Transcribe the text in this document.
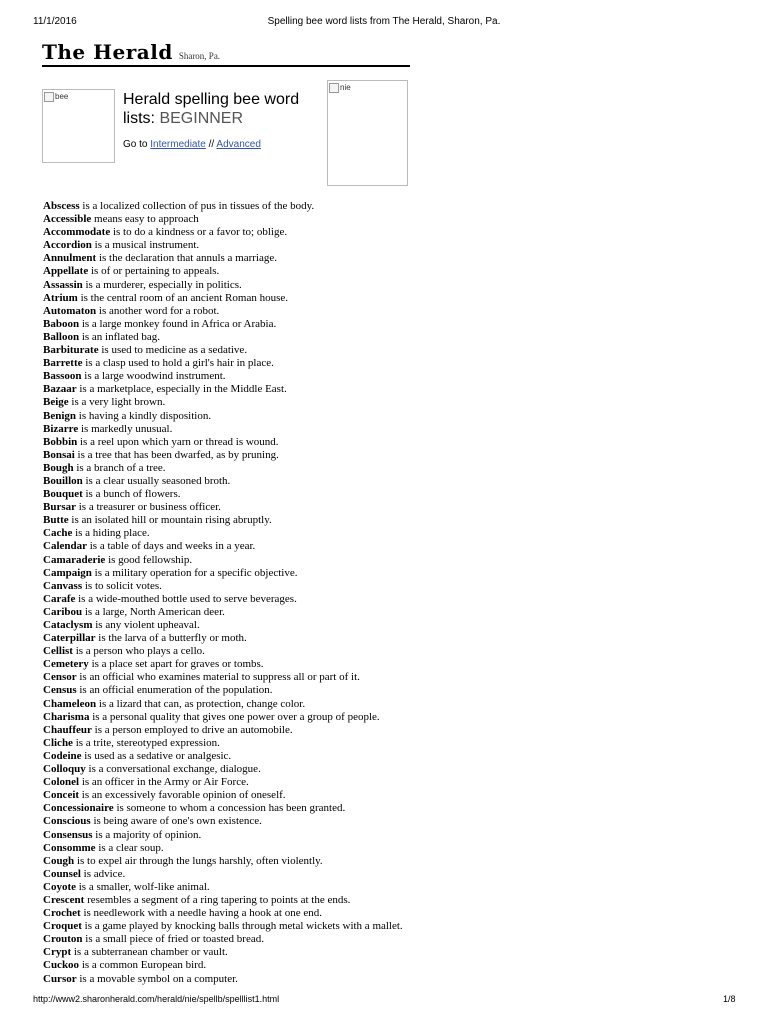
11/1/2016	Spelling bee word lists from The Herald, Sharon, Pa.
The Herald Sharon, Pa.
bee	Herald spelling bee word lists: BEGINNER
Go to Intermediate // Advanced
nie
Abscess is a localized collection of pus in tissues of the body.
Accessible means easy to approach
Accommodate is to do a kindness or a favor to; oblige.
Accordion is a musical instrument.
Annulment is the declaration that annuls a marriage.
Appellate is of or pertaining to appeals.
Assassin is a murderer, especially in politics.
Atrium is the central room of an ancient Roman house.
Automaton is another word for a robot.
Baboon is a large monkey found in Africa or Arabia.
Balloon is an inflated bag.
Barbiturate is used to medicine as a sedative.
Barrette is a clasp used to hold a girl's hair in place.
Bassoon is a large woodwind instrument.
Bazaar is a marketplace, especially in the Middle East.
Beige is a very light brown.
Benign is having a kindly disposition.
Bizarre is markedly unusual.
Bobbin is a reel upon which yarn or thread is wound.
Bonsai is a tree that has been dwarfed, as by pruning.
Bough is a branch of a tree.
Bouillon is a clear usually seasoned broth.
Bouquet is a bunch of flowers.
Bursar is a treasurer or business officer.
Butte is an isolated hill or mountain rising abruptly.
Cache is a hiding place.
Calendar is a table of days and weeks in a year.
Camaraderie is good fellowship.
Campaign is a military operation for a specific objective.
Canvass is to solicit votes.
Carafe is a wide-mouthed bottle used to serve beverages.
Caribou is a large, North American deer.
Cataclysm is any violent upheaval.
Caterpillar is the larva of a butterfly or moth.
Cellist is a person who plays a cello.
Cemetery is a place set apart for graves or tombs.
Censor is an official who examines material to suppress all or part of it.
Census is an official enumeration of the population.
Chameleon is a lizard that can, as protection, change color.
Charisma is a personal quality that gives one power over a group of people.
Chauffeur is a person employed to drive an automobile.
Cliche is a trite, stereotyped expression.
Codeine is used as a sedative or analgesic.
Colloquy is a conversational exchange, dialogue.
Colonel is an officer in the Army or Air Force.
Conceit is an excessively favorable opinion of oneself.
Concessionaire is someone to whom a concession has been granted.
Conscious is being aware of one's own existence.
Consensus is a majority of opinion.
Consomme is a clear soup.
Cough is to expel air through the lungs harshly, often violently.
Counsel is advice.
Coyote is a smaller, wolf-like animal.
Crescent resembles a segment of a ring tapering to points at the ends.
Crochet is needlework with a needle having a hook at one end.
Croquet is a game played by knocking balls through metal wickets with a mallet.
Crouton is a small piece of fried or toasted bread.
Crypt is a subterranean chamber or vault.
Cuckoo is a common European bird.
Cursor is a movable symbol on a computer.
http://www2.sharonherald.com/herald/nie/spellb/spelllist1.html	1/8
